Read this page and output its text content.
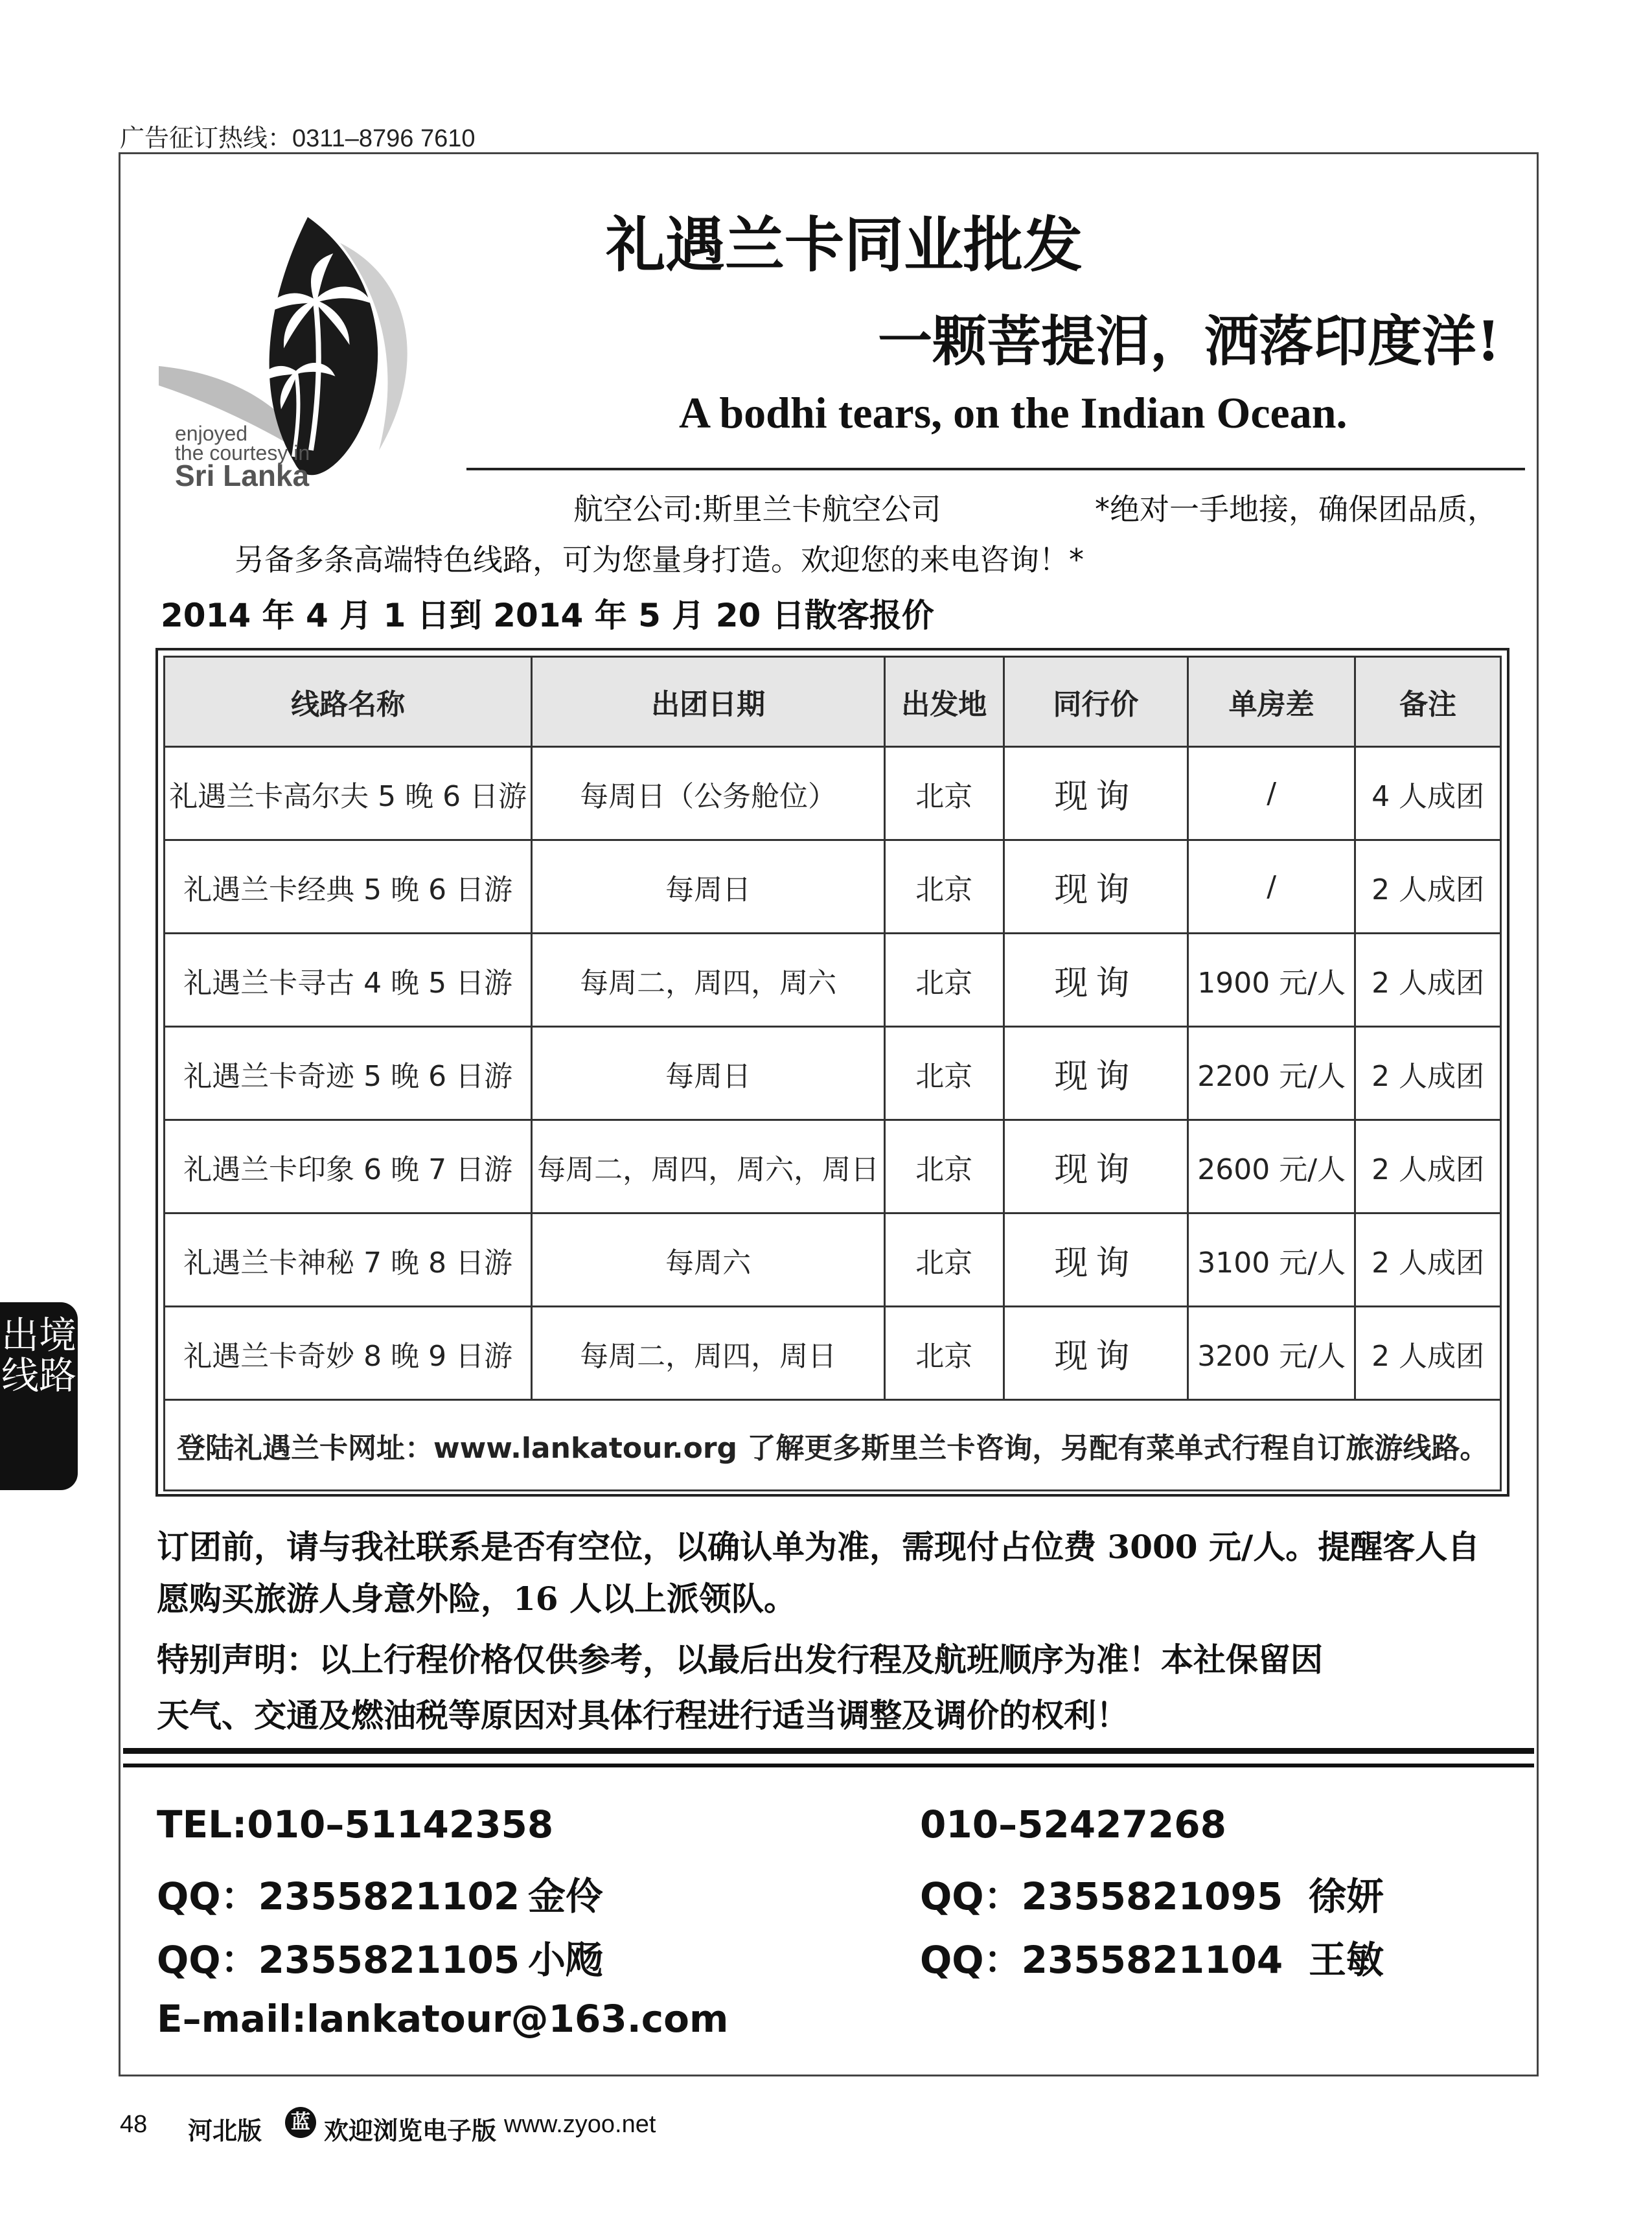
广告征订热线：0311–8796 7610
enjoyed
the courtesy in
Sri Lanka
礼遇兰卡同业批发
一颗菩提泪，洒落印度洋!
A bodhi tears, on the Indian Ocean.
航空公司:斯里兰卡航空公司	*绝对一手地接，确保团品质，
另备多条高端特色线路，可为您量身打造。欢迎您的来电咨询！*
2014 年 4 月 1 日到 2014 年 5 月 20 日散客报价
线路名称	出团日期	出发地	同行价	单房差	备注
礼遇兰卡高尔夫 5 晚 6 日游	每周日（公务舱位）	北京	现询	/	4 人成团
礼遇兰卡经典 5 晚 6 日游	每周日	北京	现询	/	2 人成团
礼遇兰卡寻古 4 晚 5 日游	每周二，周四，周六	北京	现询	1900 元/人	2 人成团
礼遇兰卡奇迹 5 晚 6 日游	每周日	北京	现询	2200 元/人	2 人成团
礼遇兰卡印象 6 晚 7 日游	每周二，周四，周六，周日	北京	现询	2600 元/人	2 人成团
礼遇兰卡神秘 7 晚 8 日游	每周六	北京	现询	3100 元/人	2 人成团
礼遇兰卡奇妙 8 晚 9 日游	每周二，周四，周日	北京	现询	3200 元/人	2 人成团
登陆礼遇兰卡网址：www.lankatour.org 了解更多斯里兰卡咨询，另配有菜单式行程自订旅游线路。					
订团前，请与我社联系是否有空位，以确认单为准，需现付占位费 3000 元/人。提醒客人自
愿购买旅游人身意外险，16 人以上派领队。
特别声明：以上行程价格仅供参考，以最后出发行程及航班顺序为准！本社保留因
天气、交通及燃油税等原因对具体行程进行适当调整及调价的权利！
TEL:010–51142358	010–52427268
QQ：2355821102 金伶	QQ：2355821095 徐妍
QQ：2355821105 小飏	QQ：2355821104 王敏
E–mail:lankatour@163.com
出境线路
48 河北版	蓝 欢迎浏览电子版 www.zyoo.net
